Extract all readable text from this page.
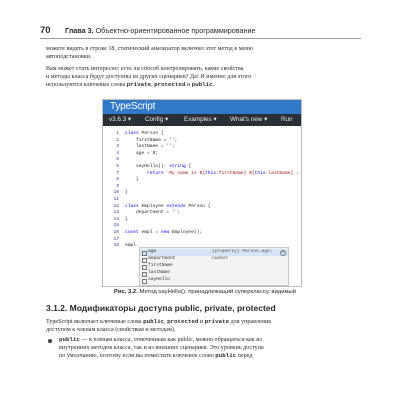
70 Глава 3. Объектно-ориентированное программирование
можете видеть в строке 18, статический анализатор включил этот метод в меню
автоподстановки.
Вам может стать интересно: есть ли способ контролировать, какие свойства
и методы класса будут доступны из других сценариев? Да! И именно для этого
используются ключевые слова private, protected и public.
TypeScript
v3.6.3 ▾ Config ▾	Examples ▾ What's new ▾ Run
1 class Person {
2 firstName = '';
3 lastName = '';
4 age = 0;
5
6 sayHello(): string {
7 return `My name is ${this.firstName} ${this.lastName}`;
8 }
9
10 }
11
12 class Employee extends Person {
13 department = '';
14 }
15
16 const empl = new Employee();
17
18 empl.
age	(property) Person.age: number
i
department
firstName
lastName
sayHello
Рис. 3.2. Метод sayHello(), принадлежащий суперклассу, видимый
3.1.2. Модификаторы доступа public, private, protected
TypeScript включает ключевые слова public, protected и private для управления
доступом к членам класса (свойствам и методам).
public — к членам класса, отмеченным как public, можно обращаться как из
внутренних методов класса, так и из внешних сценариев. Это уровень доступа
по умолчанию, поэтому если вы поместите ключевое слово public перед
